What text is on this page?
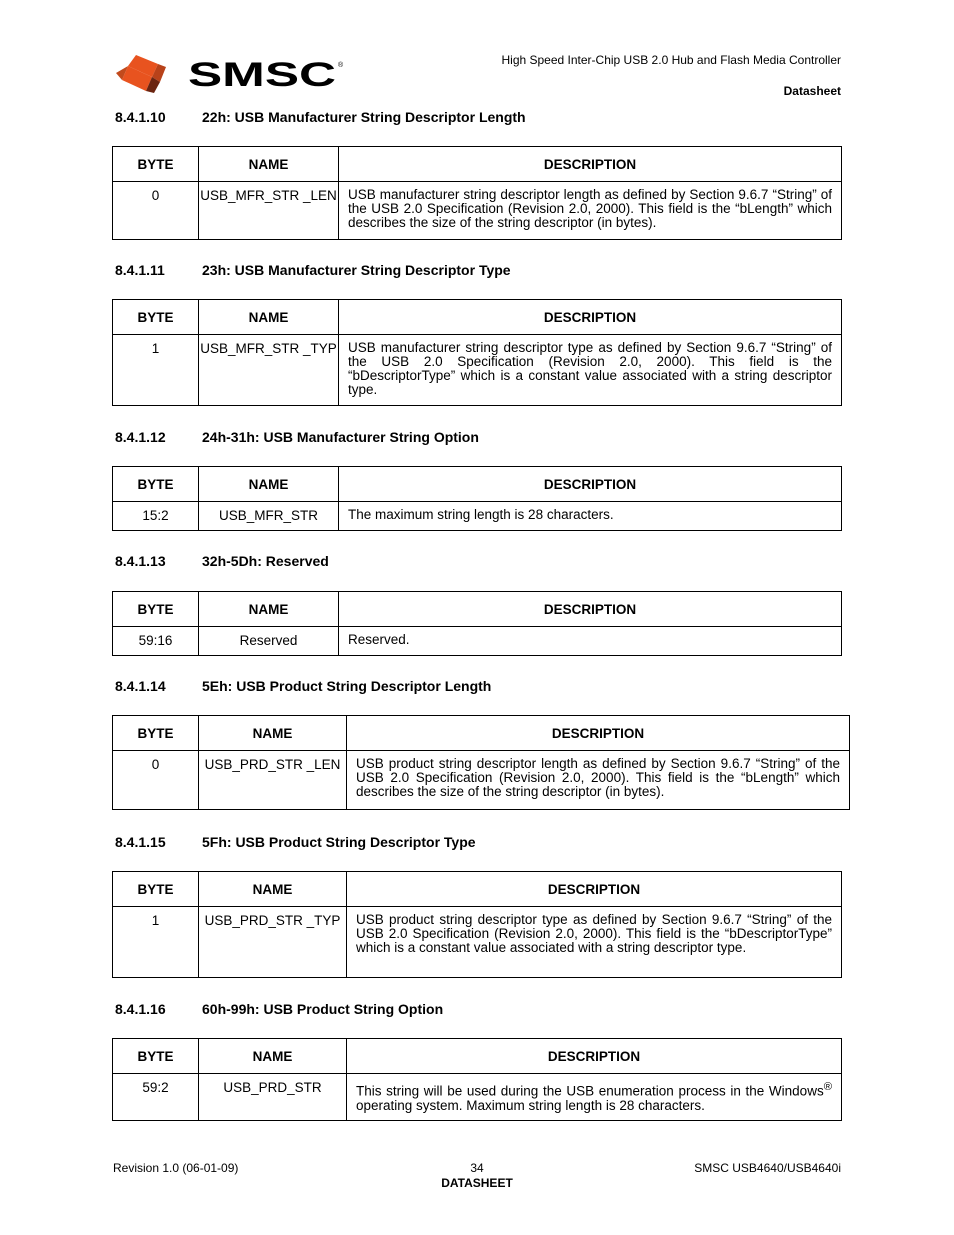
SMSC ®	High Speed Inter-Chip USB 2.0 Hub and Flash Media Controller
Datasheet
8.4.1.10	22h: USB Manufacturer String Descriptor Length
BYTE	NAME	DESCRIPTION
0	USB_MFR_STR _LEN	USB manufacturer string descriptor length as defined by Section 9.6.7 “String” of the USB 2.0 Specification (Revision 2.0, 2000). This field is the “bLength” which describes the size of the string descriptor (in bytes).
8.4.1.11	23h: USB Manufacturer String Descriptor Type
BYTE	NAME	DESCRIPTION
1	USB_MFR_STR _TYP	USB manufacturer string descriptor type as defined by Section 9.6.7 “String” of the USB 2.0 Specification (Revision 2.0, 2000). This field is the “bDescriptorType” which is a constant value associated with a string descriptor type.
8.4.1.12	24h-31h: USB Manufacturer String Option
BYTE	NAME	DESCRIPTION
15:2	USB_MFR_STR	The maximum string length is 28 characters.
8.4.1.13	32h-5Dh: Reserved
BYTE	NAME	DESCRIPTION
59:16	Reserved	Reserved.
8.4.1.14	5Eh: USB Product String Descriptor Length
BYTE	NAME	DESCRIPTION
0	USB_PRD_STR _LEN	USB product string descriptor length as defined by Section 9.6.7 “String” of the USB 2.0 Specification (Revision 2.0, 2000). This field is the “bLength” which describes the size of the string descriptor (in bytes).
8.4.1.15	5Fh: USB Product String Descriptor Type
BYTE	NAME	DESCRIPTION
1	USB_PRD_STR _TYP	USB product string descriptor type as defined by Section 9.6.7 “String” of the USB 2.0 Specification (Revision 2.0, 2000). This field is the “bDescriptorType” which is a constant value associated with a string descriptor type.
8.4.1.16	60h-99h: USB Product String Option
BYTE	NAME	DESCRIPTION
59:2	USB_PRD_STR	This string will be used during the USB enumeration process in the Windows® operating system. Maximum string length is 28 characters.
Revision 1.0 (06-01-09)	34
DATASHEET
SMSC USB4640/USB4640i
